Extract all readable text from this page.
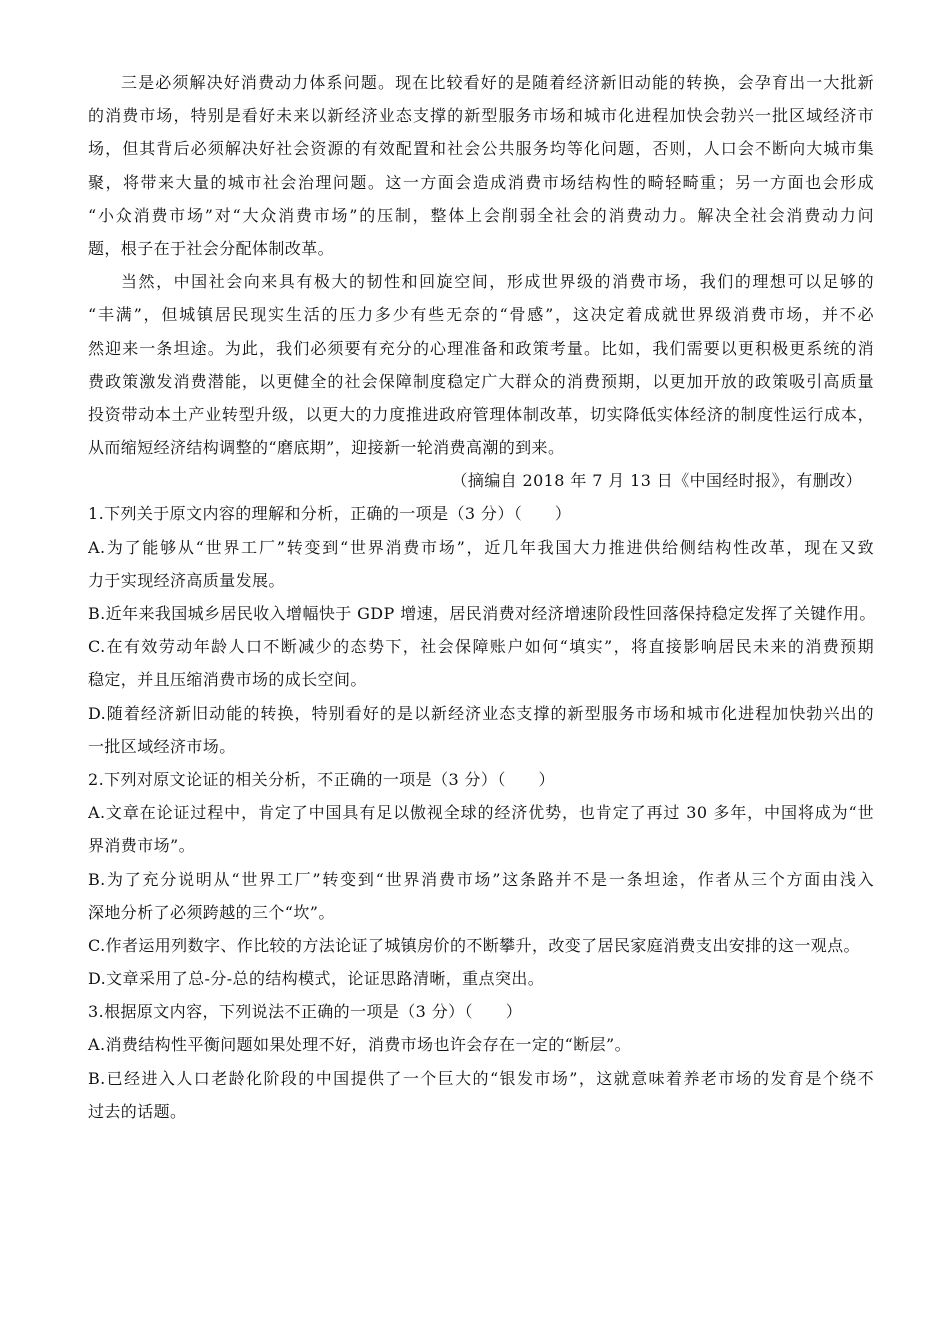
三是必须解决好消费动力体系问题。现在比较看好的是随着经济新旧动能的转换，会孕育出一大批新
的消费市场，特别是看好未来以新经济业态支撑的新型服务市场和城市化进程加快会勃兴一批区域经济市
场，但其背后必须解决好社会资源的有效配置和社会公共服务均等化问题，否则，人口会不断向大城市集
聚，将带来大量的城市社会治理问题。这一方面会造成消费市场结构性的畸轻畸重；另一方面也会形成
“小众消费市场”对“大众消费市场”的压制，整体上会削弱全社会的消费动力。解决全社会消费动力问
题，根子在于社会分配体制改革。
当然，中国社会向来具有极大的韧性和回旋空间，形成世界级的消费市场，我们的理想可以足够的
“丰满”，但城镇居民现实生活的压力多少有些无奈的“骨感”，这决定着成就世界级消费市场，并不必
然迎来一条坦途。为此，我们必须要有充分的心理准备和政策考量。比如，我们需要以更积极更系统的消
费政策激发消费潜能，以更健全的社会保障制度稳定广大群众的消费预期，以更加开放的政策吸引高质量
投资带动本土产业转型升级，以更大的力度推进政府管理体制改革，切实降低实体经济的制度性运行成本，
从而缩短经济结构调整的“磨底期”，迎接新一轮消费高潮的到来。
（摘编自 2018 年 7 月 13 日《中国经时报》，有删改）
1.下列关于原文内容的理解和分析，正确的一项是（3 分）（　　）
A.为了能够从“世界工厂”转变到“世界消费市场”，近几年我国大力推进供给侧结构性改革，现在又致
力于实现经济高质量发展。
B.近年来我国城乡居民收入增幅快于 GDP 增速，居民消费对经济增速阶段性回落保持稳定发挥了关键作用。
C.在有效劳动年龄人口不断减少的态势下，社会保障账户如何“填实”，将直接影响居民未来的消费预期
稳定，并且压缩消费市场的成长空间。
D.随着经济新旧动能的转换，特别看好的是以新经济业态支撑的新型服务市场和城市化进程加快勃兴出的
一批区域经济市场。
2.下列对原文论证的相关分析，不正确的一项是（3 分）（　　）
A.文章在论证过程中，肯定了中国具有足以傲视全球的经济优势，也肯定了再过 30 多年，中国将成为“世
界消费市场”。
B.为了充分说明从“世界工厂”转变到“世界消费市场”这条路并不是一条坦途，作者从三个方面由浅入
深地分析了必须跨越的三个“坎”。
C.作者运用列数字、作比较的方法论证了城镇房价的不断攀升，改变了居民家庭消费支出安排的这一观点。
D.文章采用了总-分-总的结构模式，论证思路清晰，重点突出。
3.根据原文内容，下列说法不正确的一项是（3 分）（　　）
A.消费结构性平衡问题如果处理不好，消费市场也许会存在一定的“断层”。
B.已经进入人口老龄化阶段的中国提供了一个巨大的“银发市场”，这就意味着养老市场的发育是个绕不
过去的话题。
